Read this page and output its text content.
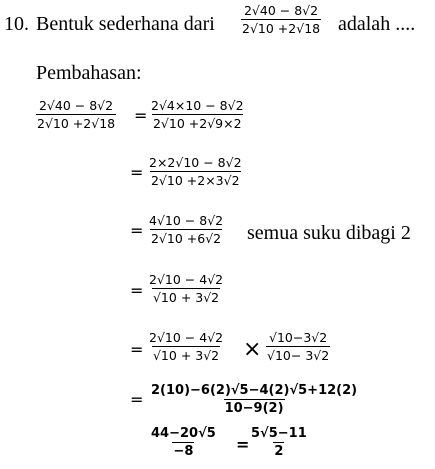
10. Bentuk sederhana dari $\frac{2√40 - 8√2}{2√10 +2√18}$ adalah ....
Pembahasan:
$\frac{2√40 - 8√2}{2√10 +2√18} = \frac{2√4\times 10 - 8√2}{2√10 +2√9\times 2}$
= $\frac{2\times 2√10 - 8√2}{2√10 +2\times 3√2}$
= $\frac{4√10 - 8√2}{2√10 +6√2}$ semua suku dibagi 2
= $\frac{2√10 - 4√2}{√10 + 3√2}$
= $\frac{2√10 - 4√2}{√10 + 3√2} \times \frac{√10-3√2}{√10- 3√2}$
= $\frac{2(10)-6(2)√5-4(2)√5+12(2)}{10-9(2)}$
$\frac{44-20√5}{-8} = \frac{5√5-11}{2}$
